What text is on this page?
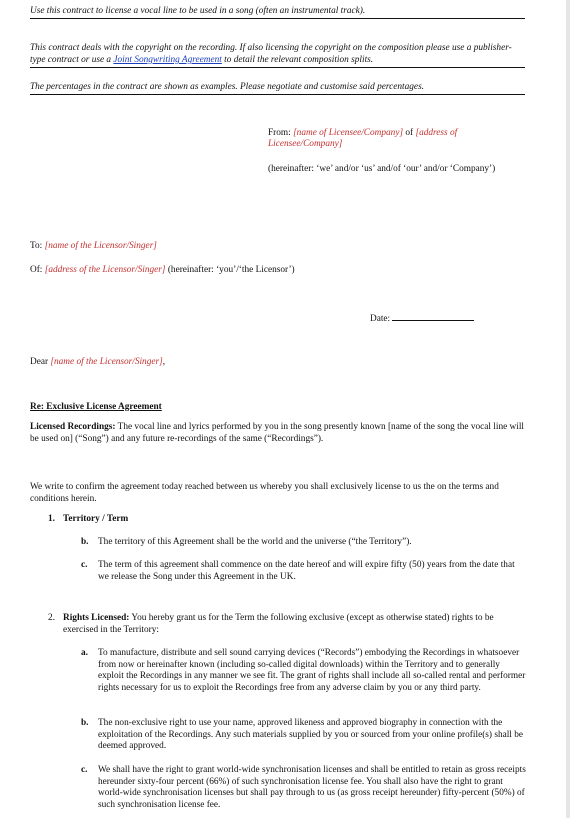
Use this contract to license a vocal line to be used in a song (often an instrumental track).
This contract deals with the copyright on the recording. If also licensing the copyright on the composition please use a publisher-type contract or use a Joint Songwriting Agreement to detail the relevant composition splits.
The percentages in the contract are shown as examples. Please negotiate and customise said percentages.
From: [name of Licensee/Company] of [address of Licensee/Company]
(hereinafter: ‘we’ and/or ‘us’ and/of ‘our’ and/or ‘Company’)
To: [name of the Licensor/Singer]
Of: [address of the Licensor/Singer] (hereinafter: ‘you’/‘the Licensor’)
Date:
Dear [name of the Licensor/Singer],
Re: Exclusive License Agreement
Licensed Recordings: The vocal line and lyrics performed by you in the song presently known [name of the song the vocal line will be used on] (“Song”) and any future re-recordings of the same (“Recordings”).
We write to confirm the agreement today reached between us whereby you shall exclusively license to us the on the terms and conditions herein.
1. Territory / Term
b. The territory of this Agreement shall be the world and the universe (“the Territory”).
c. The term of this agreement shall commence on the date hereof and will expire fifty (50) years from the date that we release the Song under this Agreement in the UK.
2. Rights Licensed: You hereby grant us for the Term the following exclusive (except as otherwise stated) rights to be exercised in the Territory:
a. To manufacture, distribute and sell sound carrying devices (“Records”) embodying the Recordings in whatsoever from now or hereinafter known (including so-called digital downloads) within the Territory and to generally exploit the Recordings in any manner we see fit. The grant of rights shall include all so-called rental and performer rights necessary for us to exploit the Recordings free from any adverse claim by you or any third party.
b. The non-exclusive right to use your name, approved likeness and approved biography in connection with the exploitation of the Recordings. Any such materials supplied by you or sourced from your online profile(s) shall be deemed approved.
c. We shall have the right to grant world-wide synchronisation licenses and shall be entitled to retain as gross receipts hereunder sixty-four percent (66%) of such synchronisation license fee. You shall also have the right to grant world-wide synchronisation licenses but shall pay through to us (as gross receipt hereunder) fifty-percent (50%) of such synchronisation license fee.
